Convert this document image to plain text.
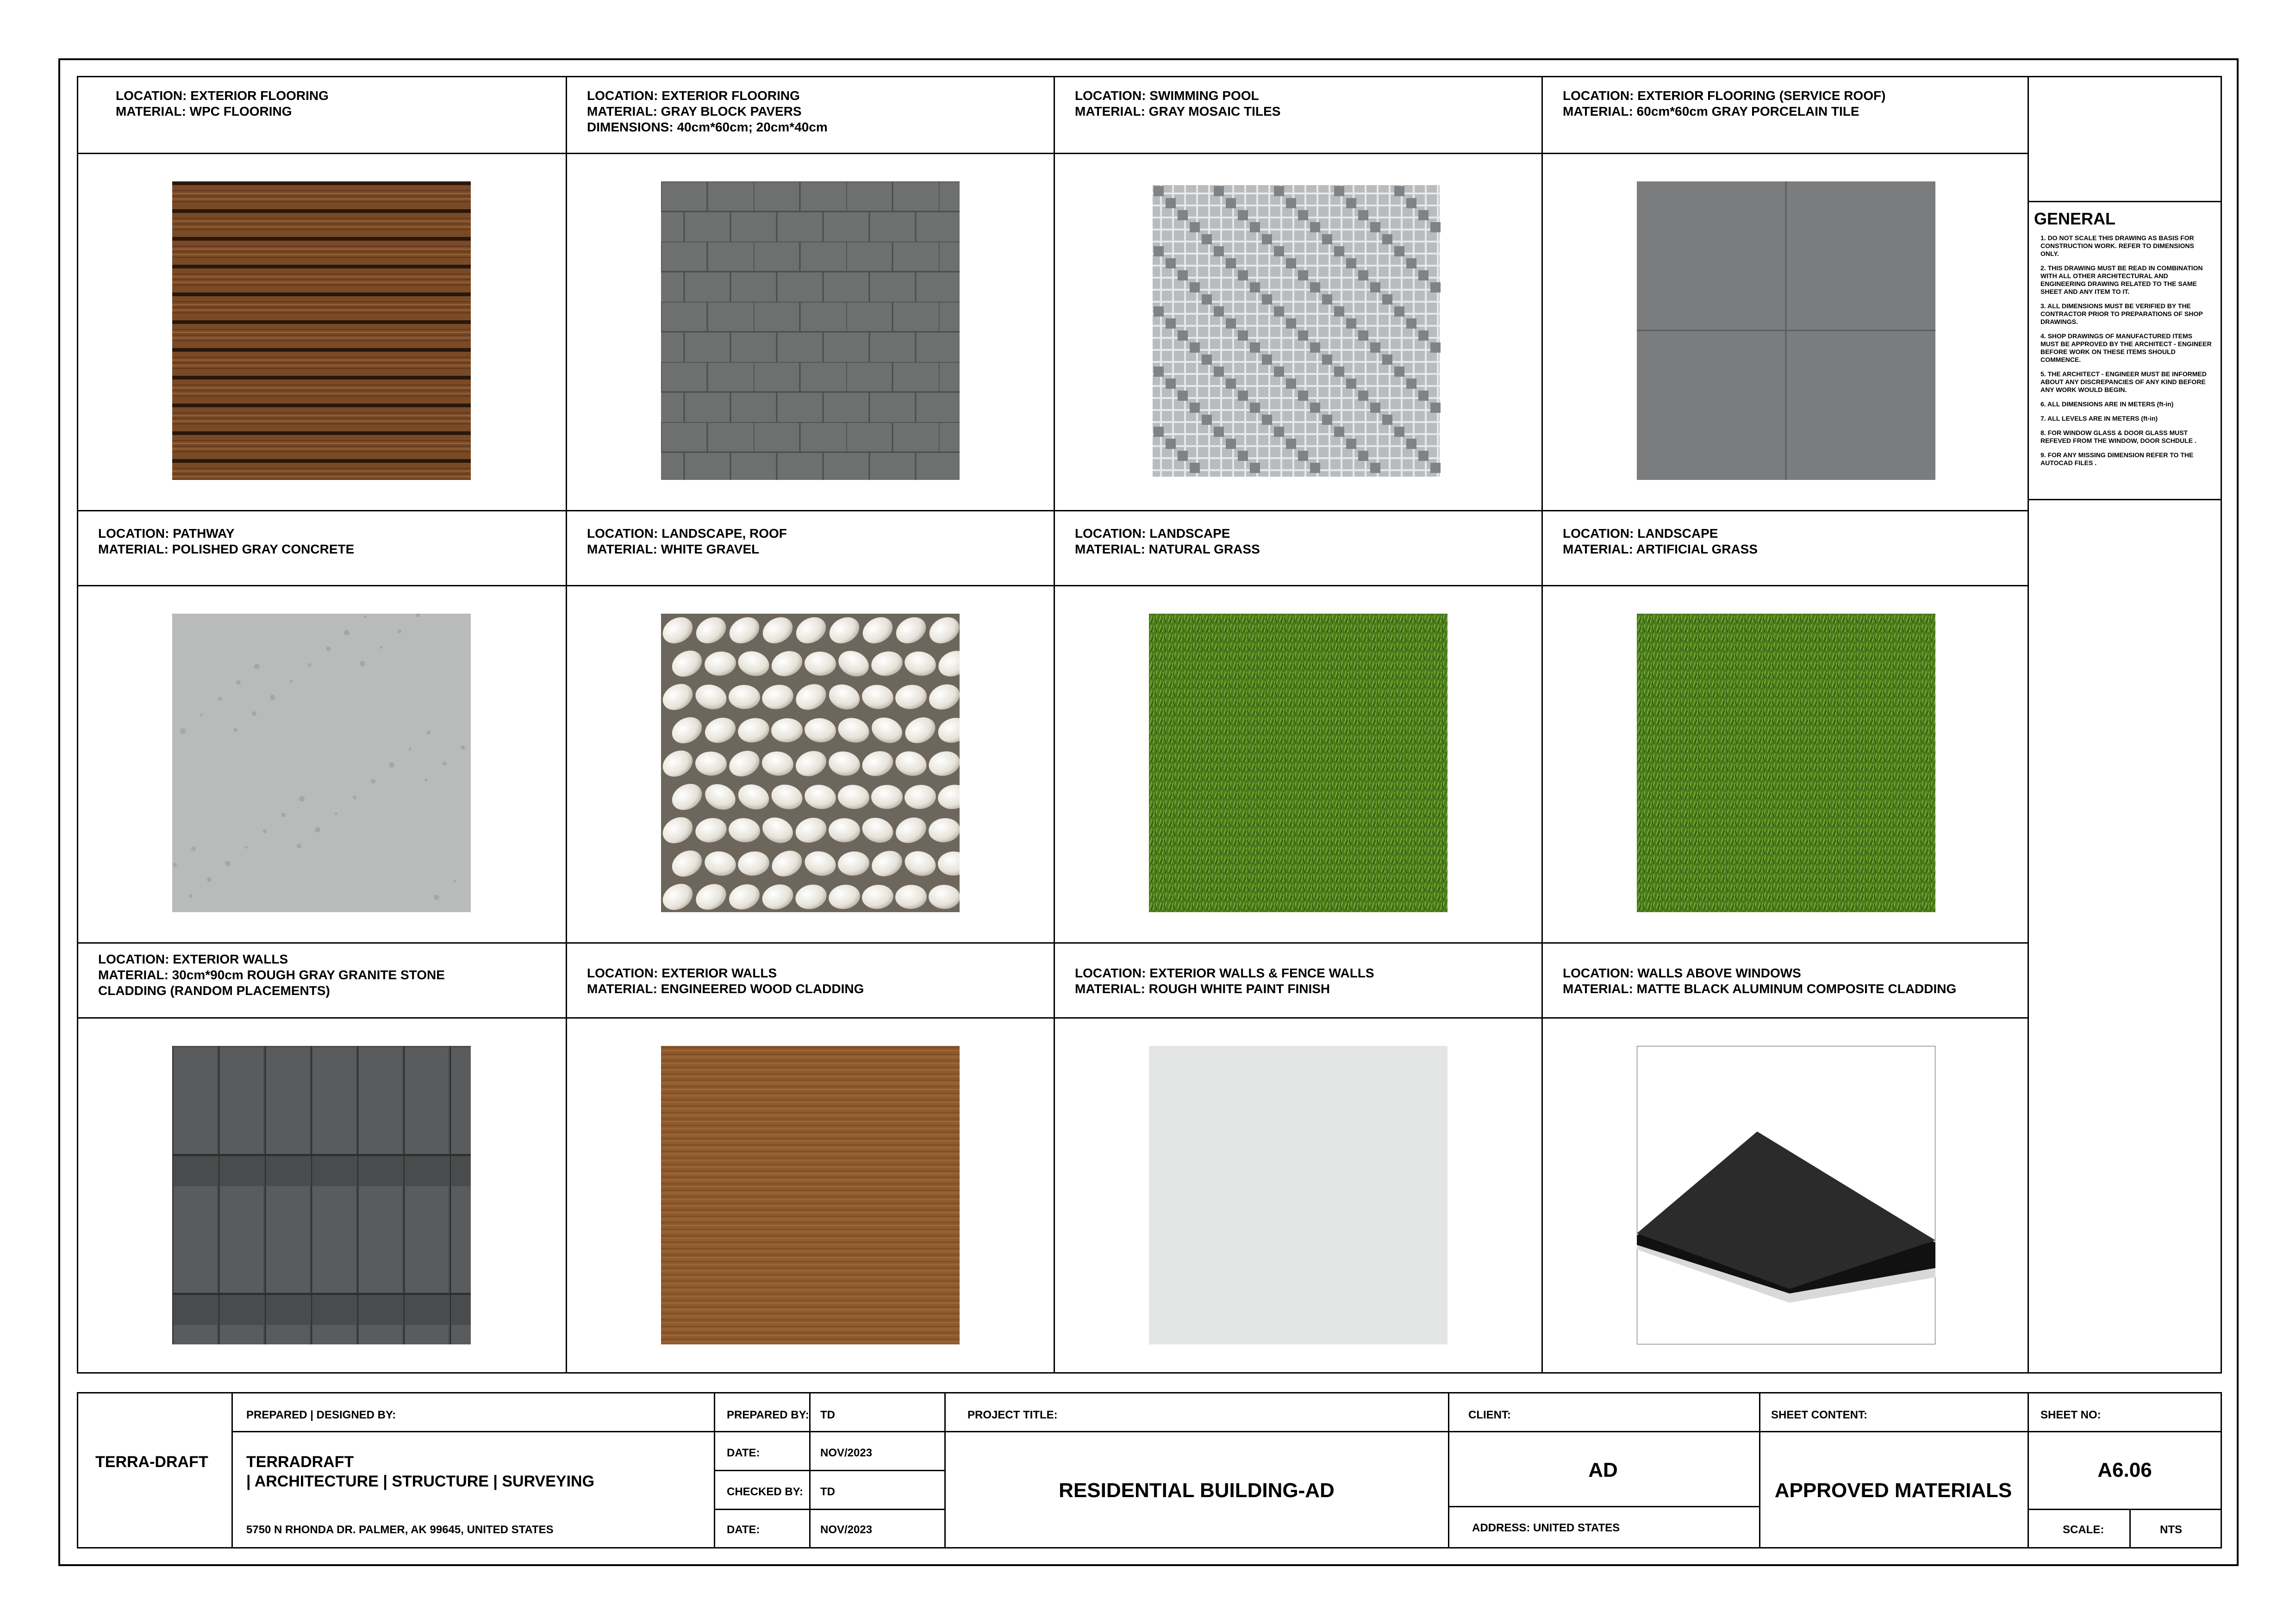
GENERAL
1. DO NOT SCALE THIS DRAWING AS BASIS FOR CONSTRUCTION WORK. REFER TO DIMENSIONS ONLY.
2. THIS DRAWING MUST BE READ IN COMBINATION WITH ALL OTHER ARCHITECTURAL AND ENGINEERING DRAWING RELATED TO THE SAME SHEET AND ANY ITEM TO IT.
3. ALL DIMENSIONS MUST BE VERIFIED BY THE CONTRACTOR PRIOR TO PREPARATIONS OF SHOP DRAWINGS.
4. SHOP DRAWINGS OF MANUFACTURED ITEMS MUST BE APPROVED BY THE ARCHITECT - ENGINEER BEFORE WORK ON THESE ITEMS SHOULD COMMENCE.
5. THE ARCHITECT - ENGINEER MUST BE INFORMED ABOUT ANY DISCREPANCIES OF ANY KIND BEFORE ANY WORK WOULD BEGIN.
6. ALL DIMENSIONS ARE IN METERS (ft-in)
7. ALL LEVELS ARE IN METERS (ft-in)
8. FOR WINDOW GLASS & DOOR GLASS MUST REFEVED FROM THE WINDOW, DOOR SCHDULE .
9. FOR ANY MISSING DIMENSION REFER TO THE AUTOCAD FILES .
TERRA-DRAFT
PREPARED | DESIGNED BY:
TERRADRAFT
| ARCHITECTURE | STRUCTURE | SURVEYING
5750 N RHONDA DR. PALMER, AK 99645, UNITED STATES
PREPARED BY: TD
DATE:	NOV/2023
CHECKED BY: TD
DATE:	NOV/2023
PROJECT TITLE:
RESIDENTIAL BUILDING-AD
CLIENT:
AD
ADDRESS: UNITED STATES
SHEET CONTENT:
APPROVED MATERIALS
SHEET NO:
A6.06
SCALE:	NTS
LOCATION: EXTERIOR FLOORING
MATERIAL: WPC FLOORING
LOCATION: EXTERIOR FLOORING
MATERIAL: GRAY BLOCK PAVERS
DIMENSIONS: 40cm*60cm; 20cm*40cm
LOCATION: SWIMMING POOL
MATERIAL: GRAY MOSAIC TILES
LOCATION: EXTERIOR FLOORING (SERVICE ROOF)
MATERIAL: 60cm*60cm GRAY PORCELAIN TILE
LOCATION: PATHWAY
MATERIAL: POLISHED GRAY CONCRETE
LOCATION: LANDSCAPE, ROOF
MATERIAL: WHITE GRAVEL
LOCATION: LANDSCAPE
MATERIAL: NATURAL GRASS
LOCATION: LANDSCAPE
MATERIAL: ARTIFICIAL GRASS
LOCATION: EXTERIOR WALLS
MATERIAL: 30cm*90cm ROUGH GRAY GRANITE STONE
CLADDING (RANDOM PLACEMENTS)
LOCATION: EXTERIOR WALLS
MATERIAL: ENGINEERED WOOD CLADDING
LOCATION: EXTERIOR WALLS & FENCE WALLS
MATERIAL: ROUGH WHITE PAINT FINISH
LOCATION: WALLS ABOVE WINDOWS
MATERIAL: MATTE BLACK ALUMINUM COMPOSITE CLADDING
